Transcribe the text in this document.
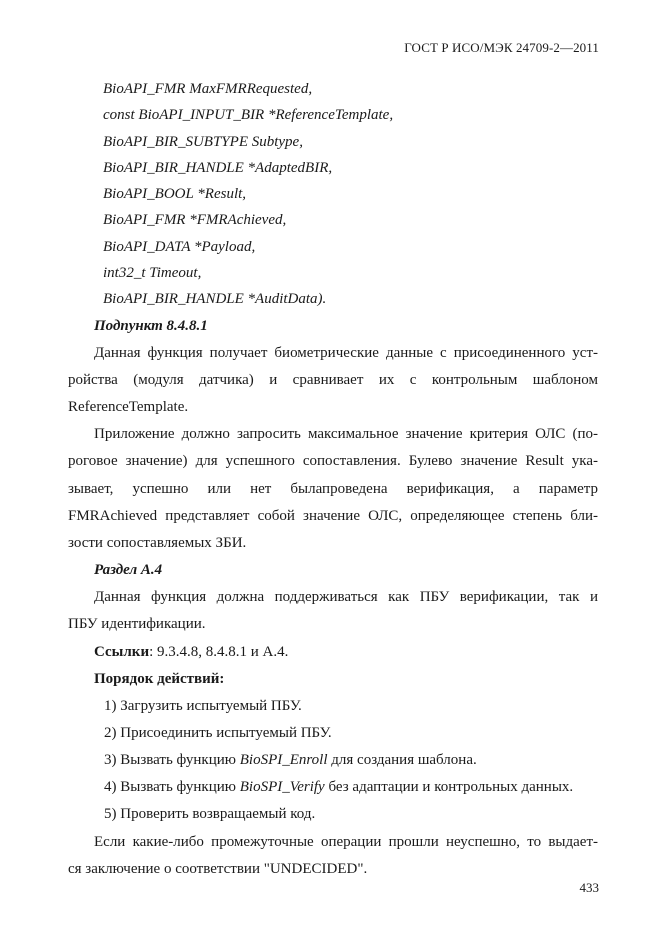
ГОСТ Р ИСО/МЭК 24709-2—2011
BioAPI_FMR MaxFMRRequested,
const BioAPI_INPUT_BIR *ReferenceTemplate,
BioAPI_BIR_SUBTYPE Subtype,
BioAPI_BIR_HANDLE *AdaptedBIR,
BioAPI_BOOL *Result,
BioAPI_FMR *FMRAchieved,
BioAPI_DATA *Payload,
int32_t Timeout,
BioAPI_BIR_HANDLE *AuditData).
Подпункт 8.4.8.1
Данная функция получает биометрические данные с присоединенного уст-
ройства (модуля датчика) и сравнивает их с контрольным шаблоном
ReferenceTemplate.
Приложение должно запросить максимальное значение критерия ОЛС (по-
роговое значение) для успешного сопоставления. Булево значение Result ука-
зывает, успешно или нет былапроведена верификация, а параметр
FMRAchieved представляет собой значение ОЛС, определяющее степень бли-
зости сопоставляемых ЗБИ.
Раздел А.4
Данная функция должна поддерживаться как ПБУ верификации, так и
ПБУ идентификации.
Ссылки: 9.3.4.8, 8.4.8.1 и А.4.
Порядок действий:
1) Загрузить испытуемый ПБУ.
2) Присоединить испытуемый ПБУ.
3) Вызвать функцию BioSPI_Enroll для создания шаблона.
4) Вызвать функцию BioSPI_Verify без адаптации и контрольных данных.
5) Проверить возвращаемый код.
Если какие-либо промежуточные операции прошли неуспешно, то выдает-
ся заключение о соответствии "UNDECIDED".
433
